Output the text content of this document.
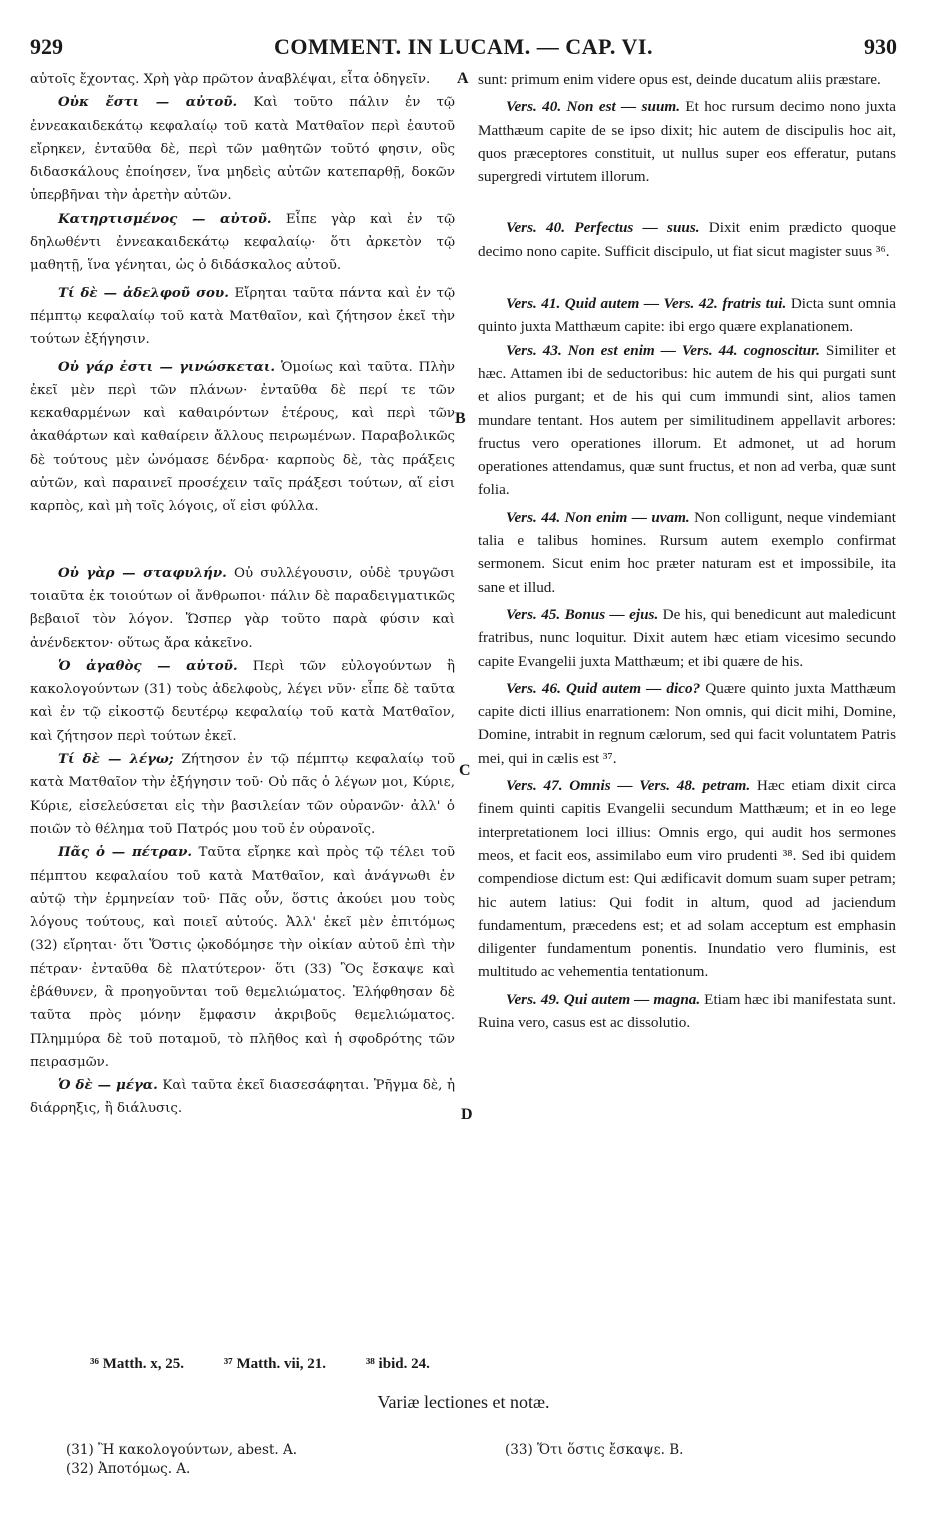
929	COMMENT. IN LUCAM. — CAP. VI.	930

αὐτοῖς ἔχοντας. Χρὴ γὰρ πρῶτον ἀναβλέψαι, εἶτα ὁδηγεῖν.

Οὐκ ἔστι — αὐτοῦ. Καὶ τοῦτο πάλιν ἐν τῷ ἐννεακαιδεκάτῳ κεφαλαίῳ τοῦ κατὰ Ματθαῖον περὶ ἑαυτοῦ εἴρηκεν, ἐνταῦθα δὲ, περὶ τῶν μαθητῶν τοῦτό φησιν, οὓς διδασκάλους ἐποίησεν, ἵνα μηδεὶς αὐτῶν κατεπαρθῇ, δοκῶν ὑπερβῆναι τὴν ἀρετὴν αὐτῶν.

Κατηρτισμένος — αὐτοῦ. Εἶπε γὰρ καὶ ἐν τῷ δηλωθέντι ἐννεακαιδεκάτῳ κεφαλαίῳ· ὅτι ἀρκετὸν τῷ μαθητῇ, ἵνα γένηται, ὡς ὁ διδάσκαλος αὐτοῦ.

Τί δὲ — ἀδελφοῦ σου. Εἴρηται ταῦτα πάντα καὶ ἐν τῷ πέμπτῳ κεφαλαίῳ τοῦ κατὰ Ματθαῖον, καὶ ζήτησον ἐκεῖ τὴν τούτων ἐξήγησιν.

Οὐ γάρ ἐστι — γινώσκεται. Ὁμοίως καὶ ταῦτα. Πλὴν ἐκεῖ μὲν περὶ τῶν πλάνων· ἐνταῦθα δὲ περί τε τῶν κεκαθαρμένων καὶ καθαιρόντων ἑτέρους, καὶ περὶ τῶν ἀκαθάρτων καὶ καθαίρειν ἄλλους πειρωμένων. Παραβολικῶς δὲ τούτους μὲν ὠνόμασε δένδρα· καρποὺς δὲ, τὰς πράξεις αὐτῶν, καὶ παραινεῖ προσέχειν ταῖς πράξεσι τούτων, αἵ εἰσι καρπὸς, καὶ μὴ τοῖς λόγοις, οἵ εἰσι φύλλα.

Οὐ γὰρ — σταφυλήν. Οὐ συλλέγουσιν, οὐδὲ τρυγῶσι τοιαῦτα ἐκ τοιούτων οἱ ἄνθρωποι· πάλιν δὲ παραδειγματικῶς βεβαιοῖ τὸν λόγον. Ὥσπερ γὰρ τοῦτο παρὰ φύσιν καὶ ἀνένδεκτον· οὕτως ἄρα κἀκεῖνο.

Ὁ ἀγαθὸς — αὐτοῦ. Περὶ τῶν εὐλογούντων ἢ κακολογούντων (31) τοὺς ἀδελφοὺς, λέγει νῦν· εἶπε δὲ ταῦτα καὶ ἐν τῷ εἰκοστῷ δευτέρῳ κεφαλαίῳ τοῦ κατὰ Ματθαῖον, καὶ ζήτησον περὶ τούτων ἐκεῖ.

Τί δὲ — λέγω; Ζήτησον ἐν τῷ πέμπτῳ κεφαλαίῳ τοῦ κατὰ Ματθαῖον τὴν ἐξήγησιν τοῦ· Οὐ πᾶς ὁ λέγων μοι, Κύριε, Κύριε, εἰσελεύσεται εἰς τὴν βασιλείαν τῶν οὐρανῶν· ἀλλ' ὁ ποιῶν τὸ θέλημα τοῦ Πατρός μου τοῦ ἐν οὐρανοῖς.

Πᾶς ὁ — πέτραν. Ταῦτα εἴρηκε καὶ πρὸς τῷ τέλει τοῦ πέμπτου κεφαλαίου τοῦ κατὰ Ματθαῖον, καὶ ἀνάγνωθι ἐν αὐτῷ τὴν ἑρμηνείαν τοῦ· Πᾶς οὖν, ὅστις ἀκούει μου τοὺς λόγους τούτους, καὶ ποιεῖ αὐτούς. Ἀλλ' ἐκεῖ μὲν ἐπιτόμως (32) εἴρηται· ὅτι Ὅστις ᾠκοδόμησε τὴν οἰκίαν αὐτοῦ ἐπὶ τὴν πέτραν· ἐνταῦθα δὲ πλατύτερον· ὅτι (33) Ὃς ἔσκαψε καὶ ἐβάθυνεν, ἃ προηγοῦνται τοῦ θεμελιώματος. Ἐλήφθησαν δὲ ταῦτα πρὸς μόνην ἔμφασιν ἀκριβοῦς θεμελιώματος. Πλημμύρα δὲ τοῦ ποταμοῦ, τὸ πλῆθος καὶ ἡ σφοδρότης τῶν πειρασμῶν.

Ὁ δὲ — μέγα. Καὶ ταῦτα ἐκεῖ διασεσάφηται. Ῥῆγμα δὲ, ἡ διάρρηξις, ἢ διάλυσις.

A
B
C
D

sunt: primum enim videre opus est, deinde ducatum aliis præstare.

Vers. 40. Non est — suum. Et hoc rursum decimo nono juxta Matthæum capite de se ipso dixit; hic autem de discipulis hoc ait, quos præceptores constituit, ut nullus super eos efferatur, putans supergredi virtutem illorum.

Vers. 40. Perfectus — suus. Dixit enim prædicto quoque decimo nono capite. Sufficit discipulo, ut fiat sicut magister suus ³⁶.

Vers. 41. Quid autem — Vers. 42. fratris tui. Dicta sunt omnia quinto juxta Matthæum capite: ibi ergo quære explanationem.

Vers. 43. Non est enim — Vers. 44. cognoscitur. Similiter et hæc. Attamen ibi de seductoribus: hic autem de his qui purgati sunt et alios purgant; et de his qui cum immundi sint, alios tamen mundare tentant. Hos autem per similitudinem appellavit arbores: fructus vero operationes illorum. Et admonet, ut ad horum operationes attendamus, quæ sunt fructus, et non ad verba, quæ sunt folia.

Vers. 44. Non enim — uvam. Non colligunt, neque vindemiant talia e talibus homines. Rursum autem exemplo confirmat sermonem. Sicut enim hoc præter naturam est et impossibile, ita sane et illud.

Vers. 45. Bonus — ejus. De his, qui benedicunt aut maledicunt fratribus, nunc loquitur. Dixit autem hæc etiam vicesimo secundo capite Evangelii juxta Matthæum; et ibi quære de his.

Vers. 46. Quid autem — dico? Quære quinto juxta Matthæum capite dicti illius enarrationem: Non omnis, qui dicit mihi, Domine, Domine, intrabit in regnum cælorum, sed qui facit voluntatem Patris mei, qui in cælis est ³⁷.

Vers. 47. Omnis — Vers. 48. petram. Hæc etiam dixit circa finem quinti capitis Evangelii secundum Matthæum; et in eo lege interpretationem loci illius: Omnis ergo, qui audit hos sermones meos, et facit eos, assimilabo eum viro prudenti ³⁸. Sed ibi quidem compendiose dictum est: Qui ædificavit domum suam super petram; hic autem latius: Qui fodit in altum, quod ad jaciendum fundamentum, præcedens est; et ad solam acceptum est emphasin diligenter fundamentum ponentis. Inundatio vero fluminis, est multitudo ac vehementia tentationum.

Vers. 49. Qui autem — magna. Etiam hæc ibi manifestata sunt. Ruina vero, casus est ac dissolutio.

³⁶ Matth. x, 25.	³⁷ Matth. vii, 21.	³⁸ ibid. 24.
Variæ lectiones et notæ.
(31) Ἢ κακολογούντων, abest. A.
(32) Ἀποτόμως. A.
(33) Ὅτι ὅστις ἔσκαψε. B.
